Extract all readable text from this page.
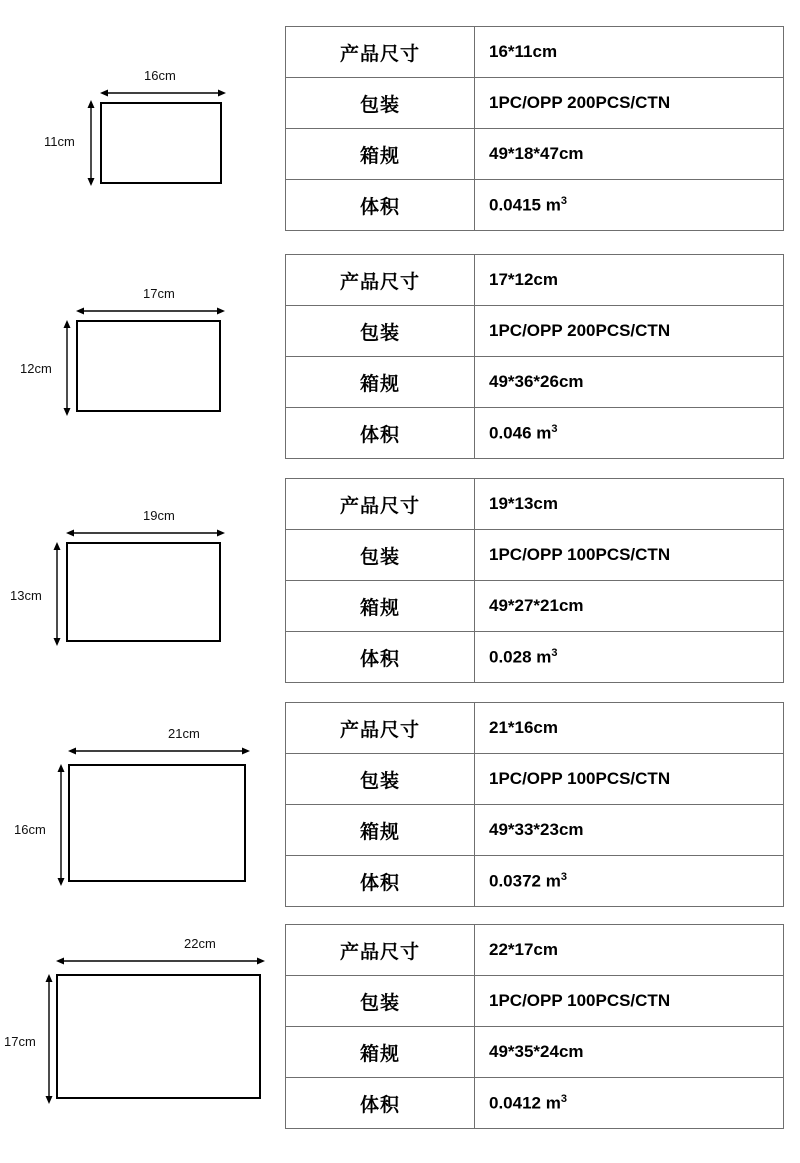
16cm
11cm
产品尺寸	16*11cm
包装	1PC/OPP 200PCS/CTN
箱规	49*18*47cm
体积	0.0415 $m^3$
17cm
12cm
产品尺寸	17*12cm
包装	1PC/OPP 200PCS/CTN
箱规	49*36*26cm
体积	0.046 $m^3$
19cm
13cm
产品尺寸	19*13cm
包装	1PC/OPP 100PCS/CTN
箱规	49*27*21cm
体积	0.028 $m^3$
21cm
16cm
产品尺寸	21*16cm
包装	1PC/OPP 100PCS/CTN
箱规	49*33*23cm
体积	0.0372 $m^3$
22cm
17cm
产品尺寸	22*17cm
包装	1PC/OPP 100PCS/CTN
箱规	49*35*24cm
体积	0.0412 $m^3$
